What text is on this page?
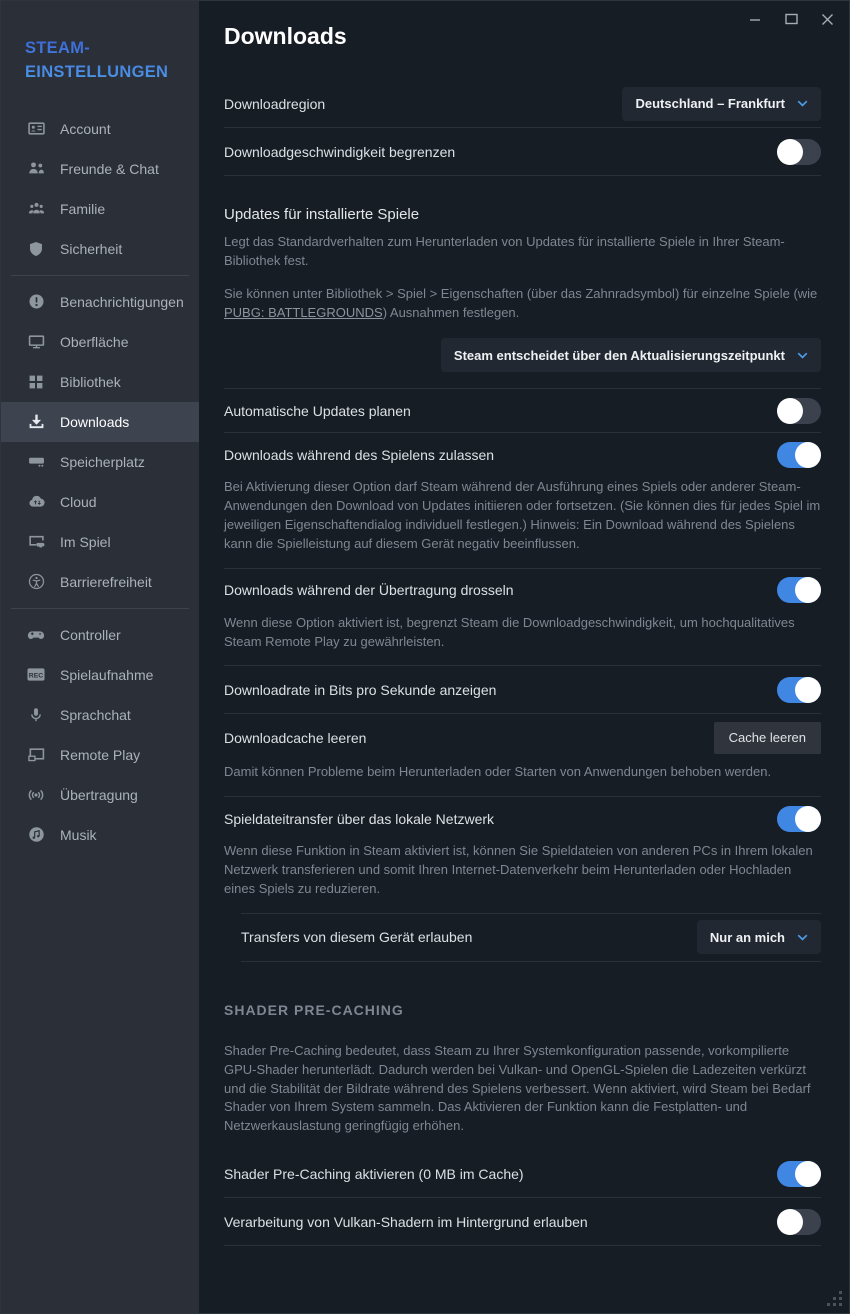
STEAM-
EINSTELLUNGEN
Account
Freunde & Chat
Familie
Sicherheit
Benachrichtigungen
Oberfläche
Bibliothek
Downloads
Speicherplatz
Cloud
Im Spiel
Barrierefreiheit
Controller
REC Spielaufnahme
Sprachchat
Remote Play
Übertragung
Musik
Downloads
Downloadregion	Deutschland – Frankfurt
Downloadgeschwindigkeit begrenzen
Updates für installierte Spiele

Legt das Standardverhalten zum Herunterladen von Updates für installierte Spiele in Ihrer Steam-Bibliothek fest.

Sie können unter Bibliothek > Spiel > Eigenschaften (über das Zahnradsymbol) für einzelne Spiele (wie PUBG: BATTLEGROUNDS) Ausnahmen festlegen.

Steam entscheidet über den Aktualisierungszeitpunkt
Automatische Updates planen
Downloads während des Spielens zulassen

Bei Aktivierung dieser Option darf Steam während der Ausführung eines Spiels oder anderer Steam-Anwendungen den Download von Updates initiieren oder fortsetzen. (Sie können dies für jedes Spiel im jeweiligen Eigenschaftendialog individuell festlegen.) Hinweis: Ein Download während des Spielens kann die Spielleistung auf diesem Gerät negativ beeinflussen.

Downloads während der Übertragung drosseln

Wenn diese Option aktiviert ist, begrenzt Steam die Downloadgeschwindigkeit, um hochqualitatives Steam Remote Play zu gewährleisten.

Downloadrate in Bits pro Sekunde anzeigen
Downloadcache leeren	Cache leeren

Damit können Probleme beim Herunterladen oder Starten von Anwendungen behoben werden.

Spieldateitransfer über das lokale Netzwerk

Wenn diese Funktion in Steam aktiviert ist, können Sie Spieldateien von anderen PCs in Ihrem lokalen Netzwerk transferieren und somit Ihren Internet-Datenverkehr beim Herunterladen oder Hochladen eines Spiels zu reduzieren.

Transfers von diesem Gerät erlauben	Nur an mich
SHADER PRE-CACHING

Shader Pre-Caching bedeutet, dass Steam zu Ihrer Systemkonfiguration passende, vorkompilierte GPU-Shader herunterlädt. Dadurch werden bei Vulkan- und OpenGL-Spielen die Ladezeiten verkürzt und die Stabilität der Bildrate während des Spielens verbessert. Wenn aktiviert, wird Steam bei Bedarf Shader von Ihrem System sammeln. Das Aktivieren der Funktion kann die Festplatten- und Netzwerkauslastung geringfügig erhöhen.

Shader Pre-Caching aktivieren (0 MB im Cache)
Verarbeitung von Vulkan-Shadern im Hintergrund erlauben
